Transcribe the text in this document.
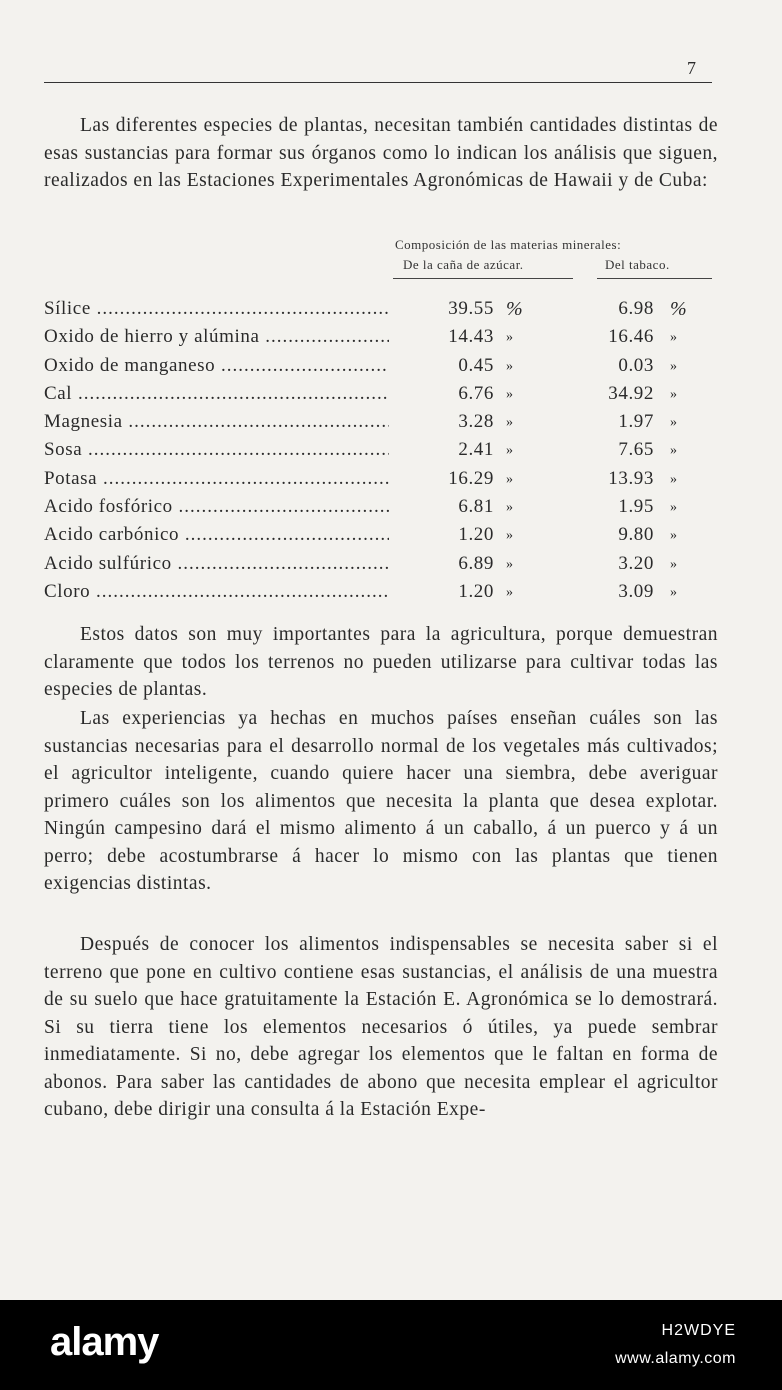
7

Las diferentes especies de plantas, necesitan también cantidades distintas de esas sustancias para formar sus órganos como lo indican los análisis que siguen, realizados en las Estaciones Experimentales Agronómicas de Hawaii y de Cuba:

Composición de las materias minerales:
De la caña de azúcar.	Del tabaco.
Sílice .....	39.55 %	6.98 %
Oxido de hierro y alúmina .....	14.43 »	16.46 »
Oxido de manganeso .....	0.45 »	0.03 »
Cal .....	6.76 »	34.92 »
Magnesia .....	3.28 »	1.97 »
Sosa .....	2.41 »	7.65 »
Potasa .....	16.29 »	13.93 »
Acido fosfórico .....	6.81 »	1.95 »
Acido carbónico .....	1.20 »	9.80 »
Acido sulfúrico .....	6.89 »	3.20 »
Cloro .....	1.20 »	3.09 »

Estos datos son muy importantes para la agricultura, porque demuestran claramente que todos los terrenos no pueden utilizarse para cultivar todas las especies de plantas.

Las experiencias ya hechas en muchos países enseñan cuáles son las sustancias necesarias para el desarrollo normal de los vegetales más cultivados; el agricultor inteligente, cuando quiere hacer una siembra, debe averiguar primero cuáles son los alimentos que necesita la planta que desea explotar. Ningún campesino dará el mismo alimento á un caballo, á un puerco y á un perro; debe acostumbrarse á hacer lo mismo con las plantas que tienen exigencias distintas.

Después de conocer los alimentos indispensables se necesita saber si el terreno que pone en cultivo contiene esas sustancias, el análisis de una muestra de su suelo que hace gratuitamente la Estación E. Agronómica se lo demostrará. Si su tierra tiene los elementos necesarios ó útiles, ya puede sembrar inmediatamente. Si no, debe agregar los elementos que le faltan en forma de abonos. Para saber las cantidades de abono que necesita emplear el agricultor cubano, debe dirigir una consulta á la Estación Expe-

alamy	H2WDYE
www.alamy.com
